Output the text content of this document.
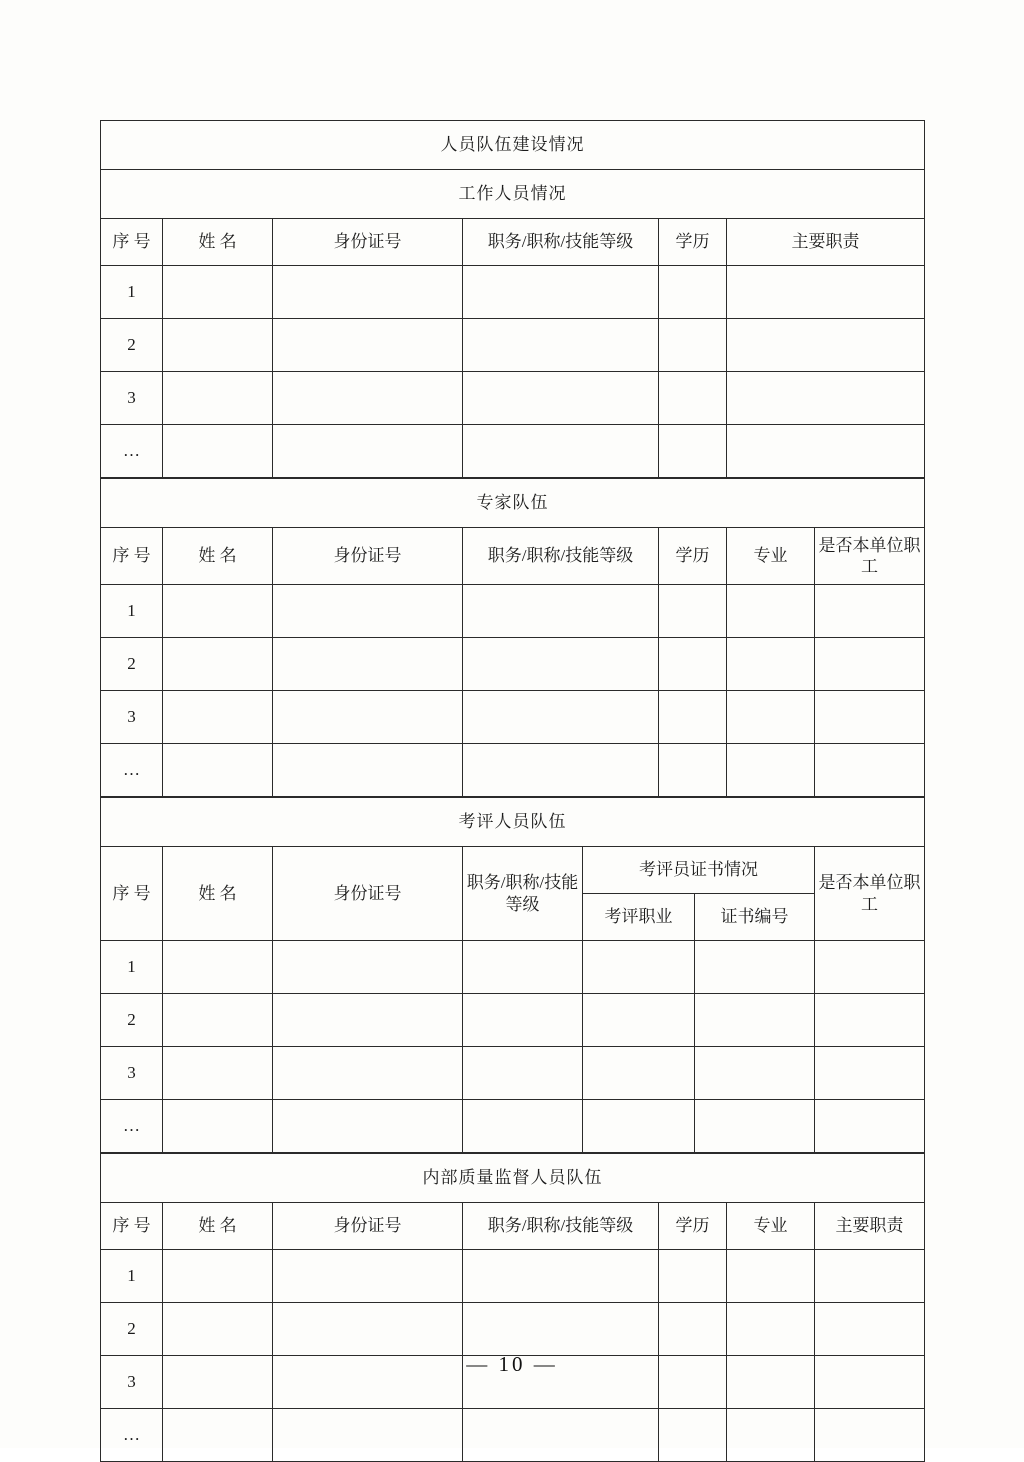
人员队伍建设情况					
工作人员情况					
序 号	姓 名	身份证号	职务/职称/技能等级	学历	主要职责
1					
2					
3					
…					
专家队伍						
序 号	姓 名	身份证号	职务/职称/技能等级	学历	专业	是否本单位职工
1						
2						
3						
…						
考评人员队伍						
序 号	姓 名	身份证号	职务/职称/技能等级	考评员证书情况		是否本单位职工
				考评职业	证书编号	
1						
2						
3						
…						
内部质量监督人员队伍						
序 号	姓 名	身份证号	职务/职称/技能等级	学历	专业	主要职责
1						
2						
3						
…						
— 10 —
